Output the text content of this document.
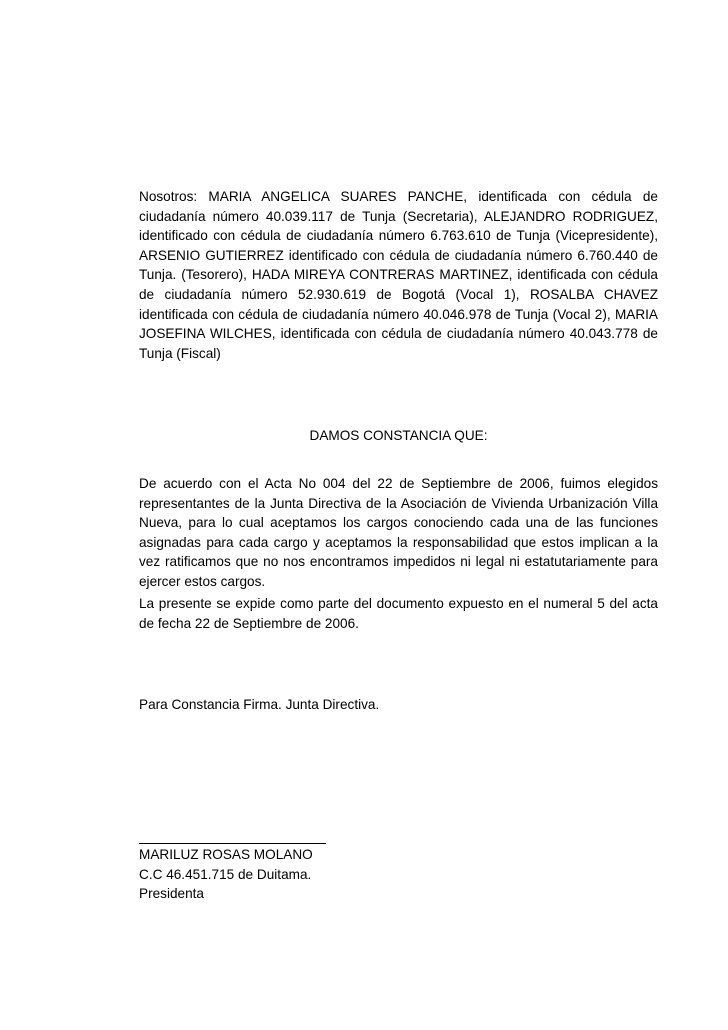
Nosotros: MARIA ANGELICA SUARES PANCHE, identificada con cédula de ciudadanía número 40.039.117 de Tunja (Secretaria), ALEJANDRO RODRIGUEZ, identificado con cédula de ciudadanía número 6.763.610 de Tunja (Vicepresidente), ARSENIO GUTIERREZ identificado con cédula de ciudadanía número 6.760.440 de Tunja. (Tesorero), HADA MIREYA CONTRERAS MARTINEZ, identificada con cédula de ciudadanía número 52.930.619 de Bogotá (Vocal 1), ROSALBA CHAVEZ identificada con cédula de ciudadanía número 40.046.978 de Tunja (Vocal 2), MARIA JOSEFINA WILCHES, identificada con cédula de ciudadanía número 40.043.778 de Tunja (Fiscal)

DAMOS CONSTANCIA QUE:

De acuerdo con el Acta No 004 del 22 de Septiembre de 2006, fuimos elegidos representantes de la Junta Directiva de la Asociación de Vivienda Urbanización Villa Nueva, para lo cual aceptamos los cargos conociendo cada una de las funciones asignadas para cada cargo y aceptamos la responsabilidad que estos implican a la vez ratificamos que no nos encontramos impedidos ni legal ni estatutariamente para ejercer estos cargos.

La presente se expide como parte del documento expuesto en el numeral 5 del acta de fecha 22 de Septiembre de 2006.

Para Constancia Firma. Junta Directiva.

MARILUZ ROSAS MOLANO
C.C 46.451.715 de Duitama.
Presidenta
